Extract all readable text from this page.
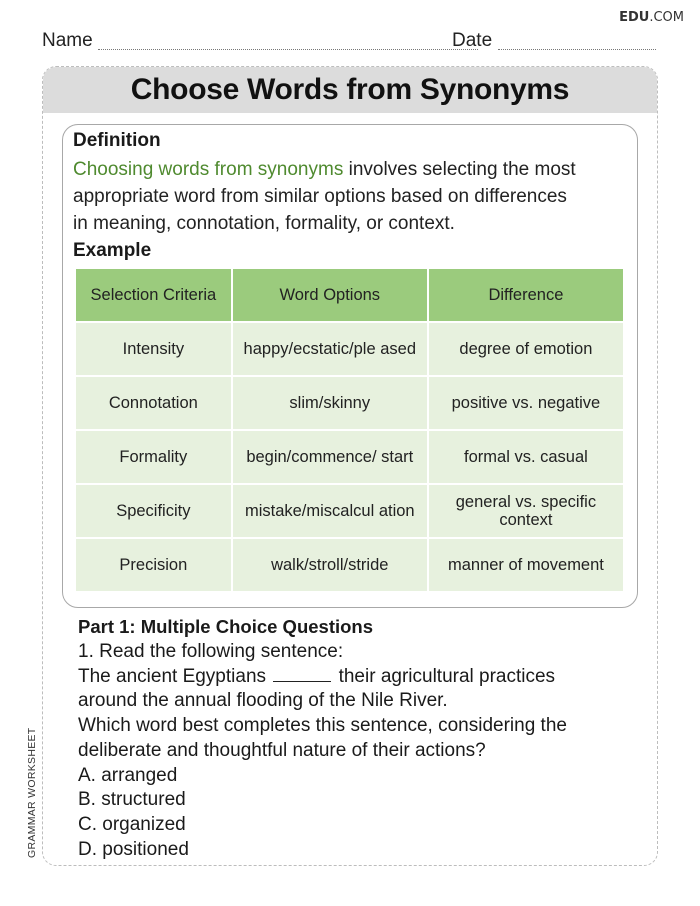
EDU.COM
Name	Date
GRAMMAR WORKSHEET
Choose Words from Synonyms
Definition
Choosing words from synonyms involves selecting the most
appropriate word from similar options based on differences
in meaning, connotation, formality, or context.
Example
Selection Criteria	Word Options	Difference
Intensity	happy/ecstatic/ple ased	degree of emotion
Connotation	slim/skinny	positive vs. negative
Formality	begin/commence/ start	formal vs. casual
Specificity	mistake/miscalcul ation	general vs. specific context
Precision	walk/stroll/stride	manner of movement
Part 1: Multiple Choice Questions
1. Read the following sentence:
The ancient Egyptians	their agricultural practices
around the annual flooding of the Nile River.
Which word best completes this sentence, considering the
deliberate and thoughtful nature of their actions?
A. arranged
B. structured
C. organized
D. positioned
